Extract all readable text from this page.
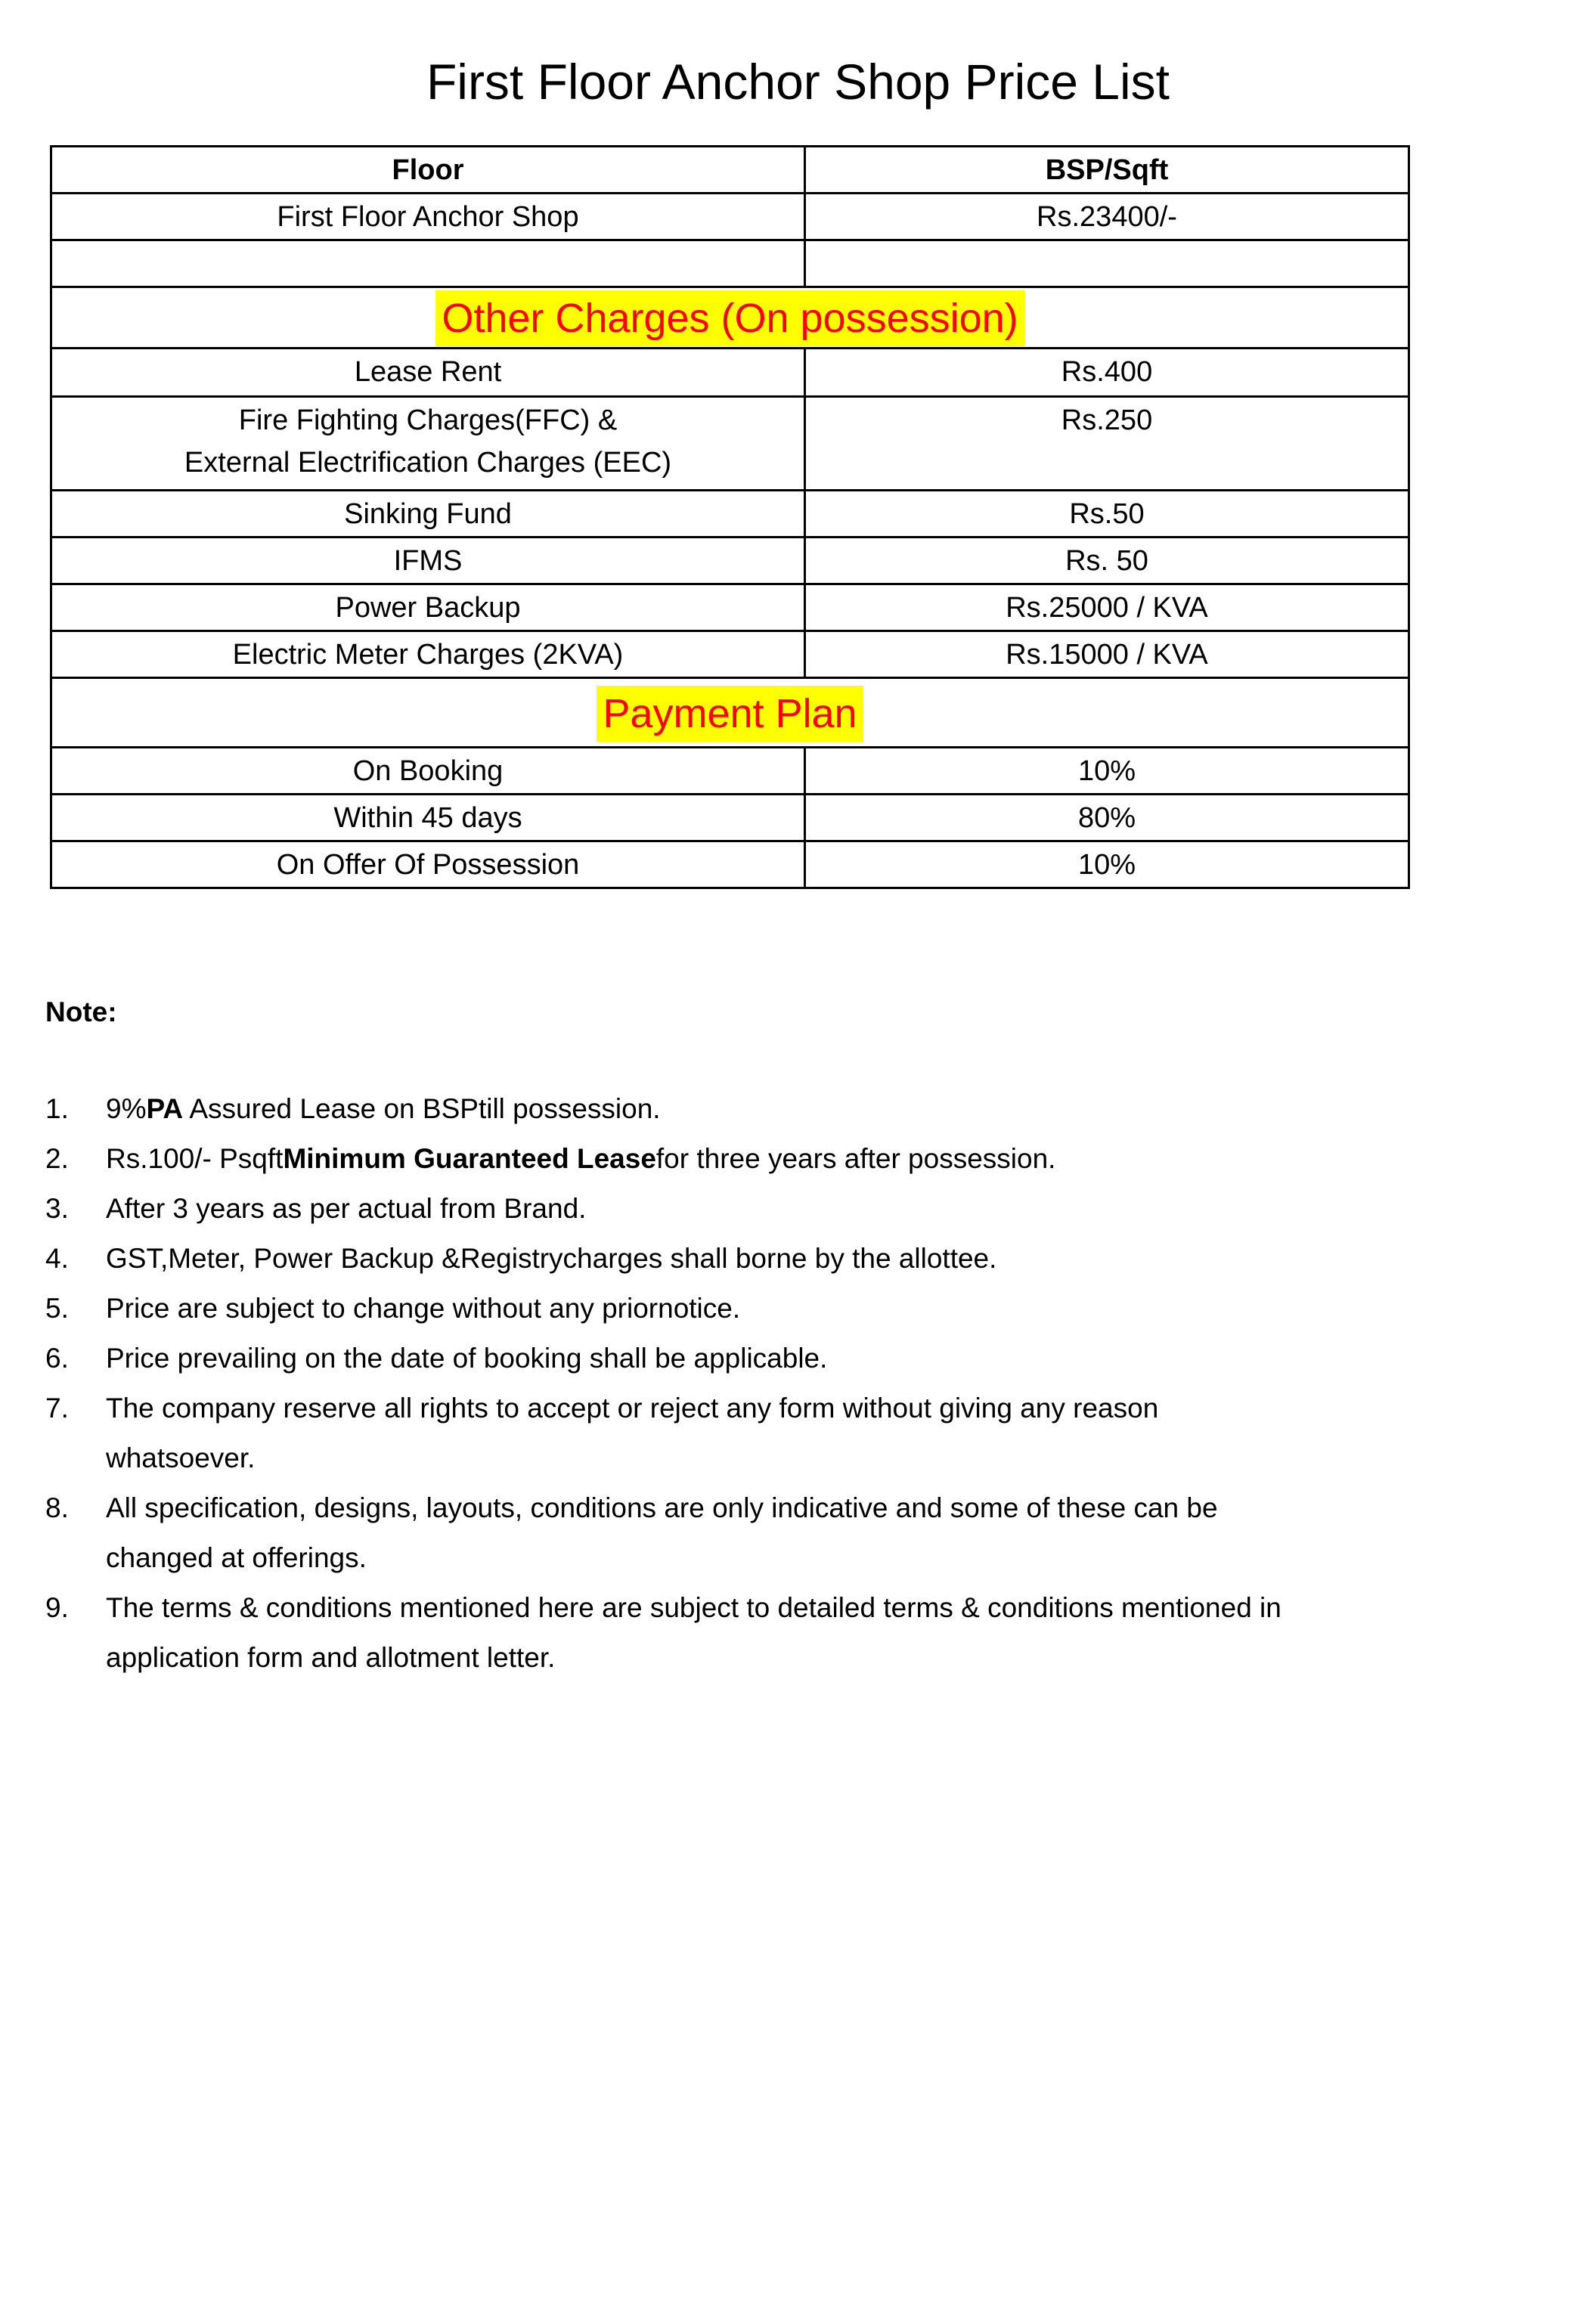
First Floor Anchor Shop Price List
Floor	BSP/Sqft
First Floor Anchor Shop	Rs.23400/-

Other Charges (On possession)	
Lease Rent	Rs.400

Fire Fighting Charges(FFC) &
External Electrification Charges (EEC)	Rs.250
Sinking Fund	Rs.50
IFMS	Rs. 50
Power Backup	Rs.25000 / KVA
Electric Meter Charges (2KVA)	Rs.15000 / KVA
Payment Plan	
On Booking	10%
Within 45 days	80%
On Offer Of Possession	10%
Note:
1.	9%PA Assured Lease on BSPtill possession.
2.	Rs.100/- PsqftMinimum Guaranteed Leasefor three years after possession.
3.	After 3 years as per actual from Brand.
4.	GST,Meter, Power Backup &Registrycharges shall borne by the allottee.
5.	Price are subject to change without any priornotice.
6.	Price prevailing on the date of booking shall be applicable.
7.	The company reserve all rights to accept or reject any form without giving any reason
whatsoever.
8.	All specification, designs, layouts, conditions are only indicative and some of these can be
changed at offerings.
9.	The terms & conditions mentioned here are subject to detailed terms & conditions mentioned in
application form and allotment letter.
